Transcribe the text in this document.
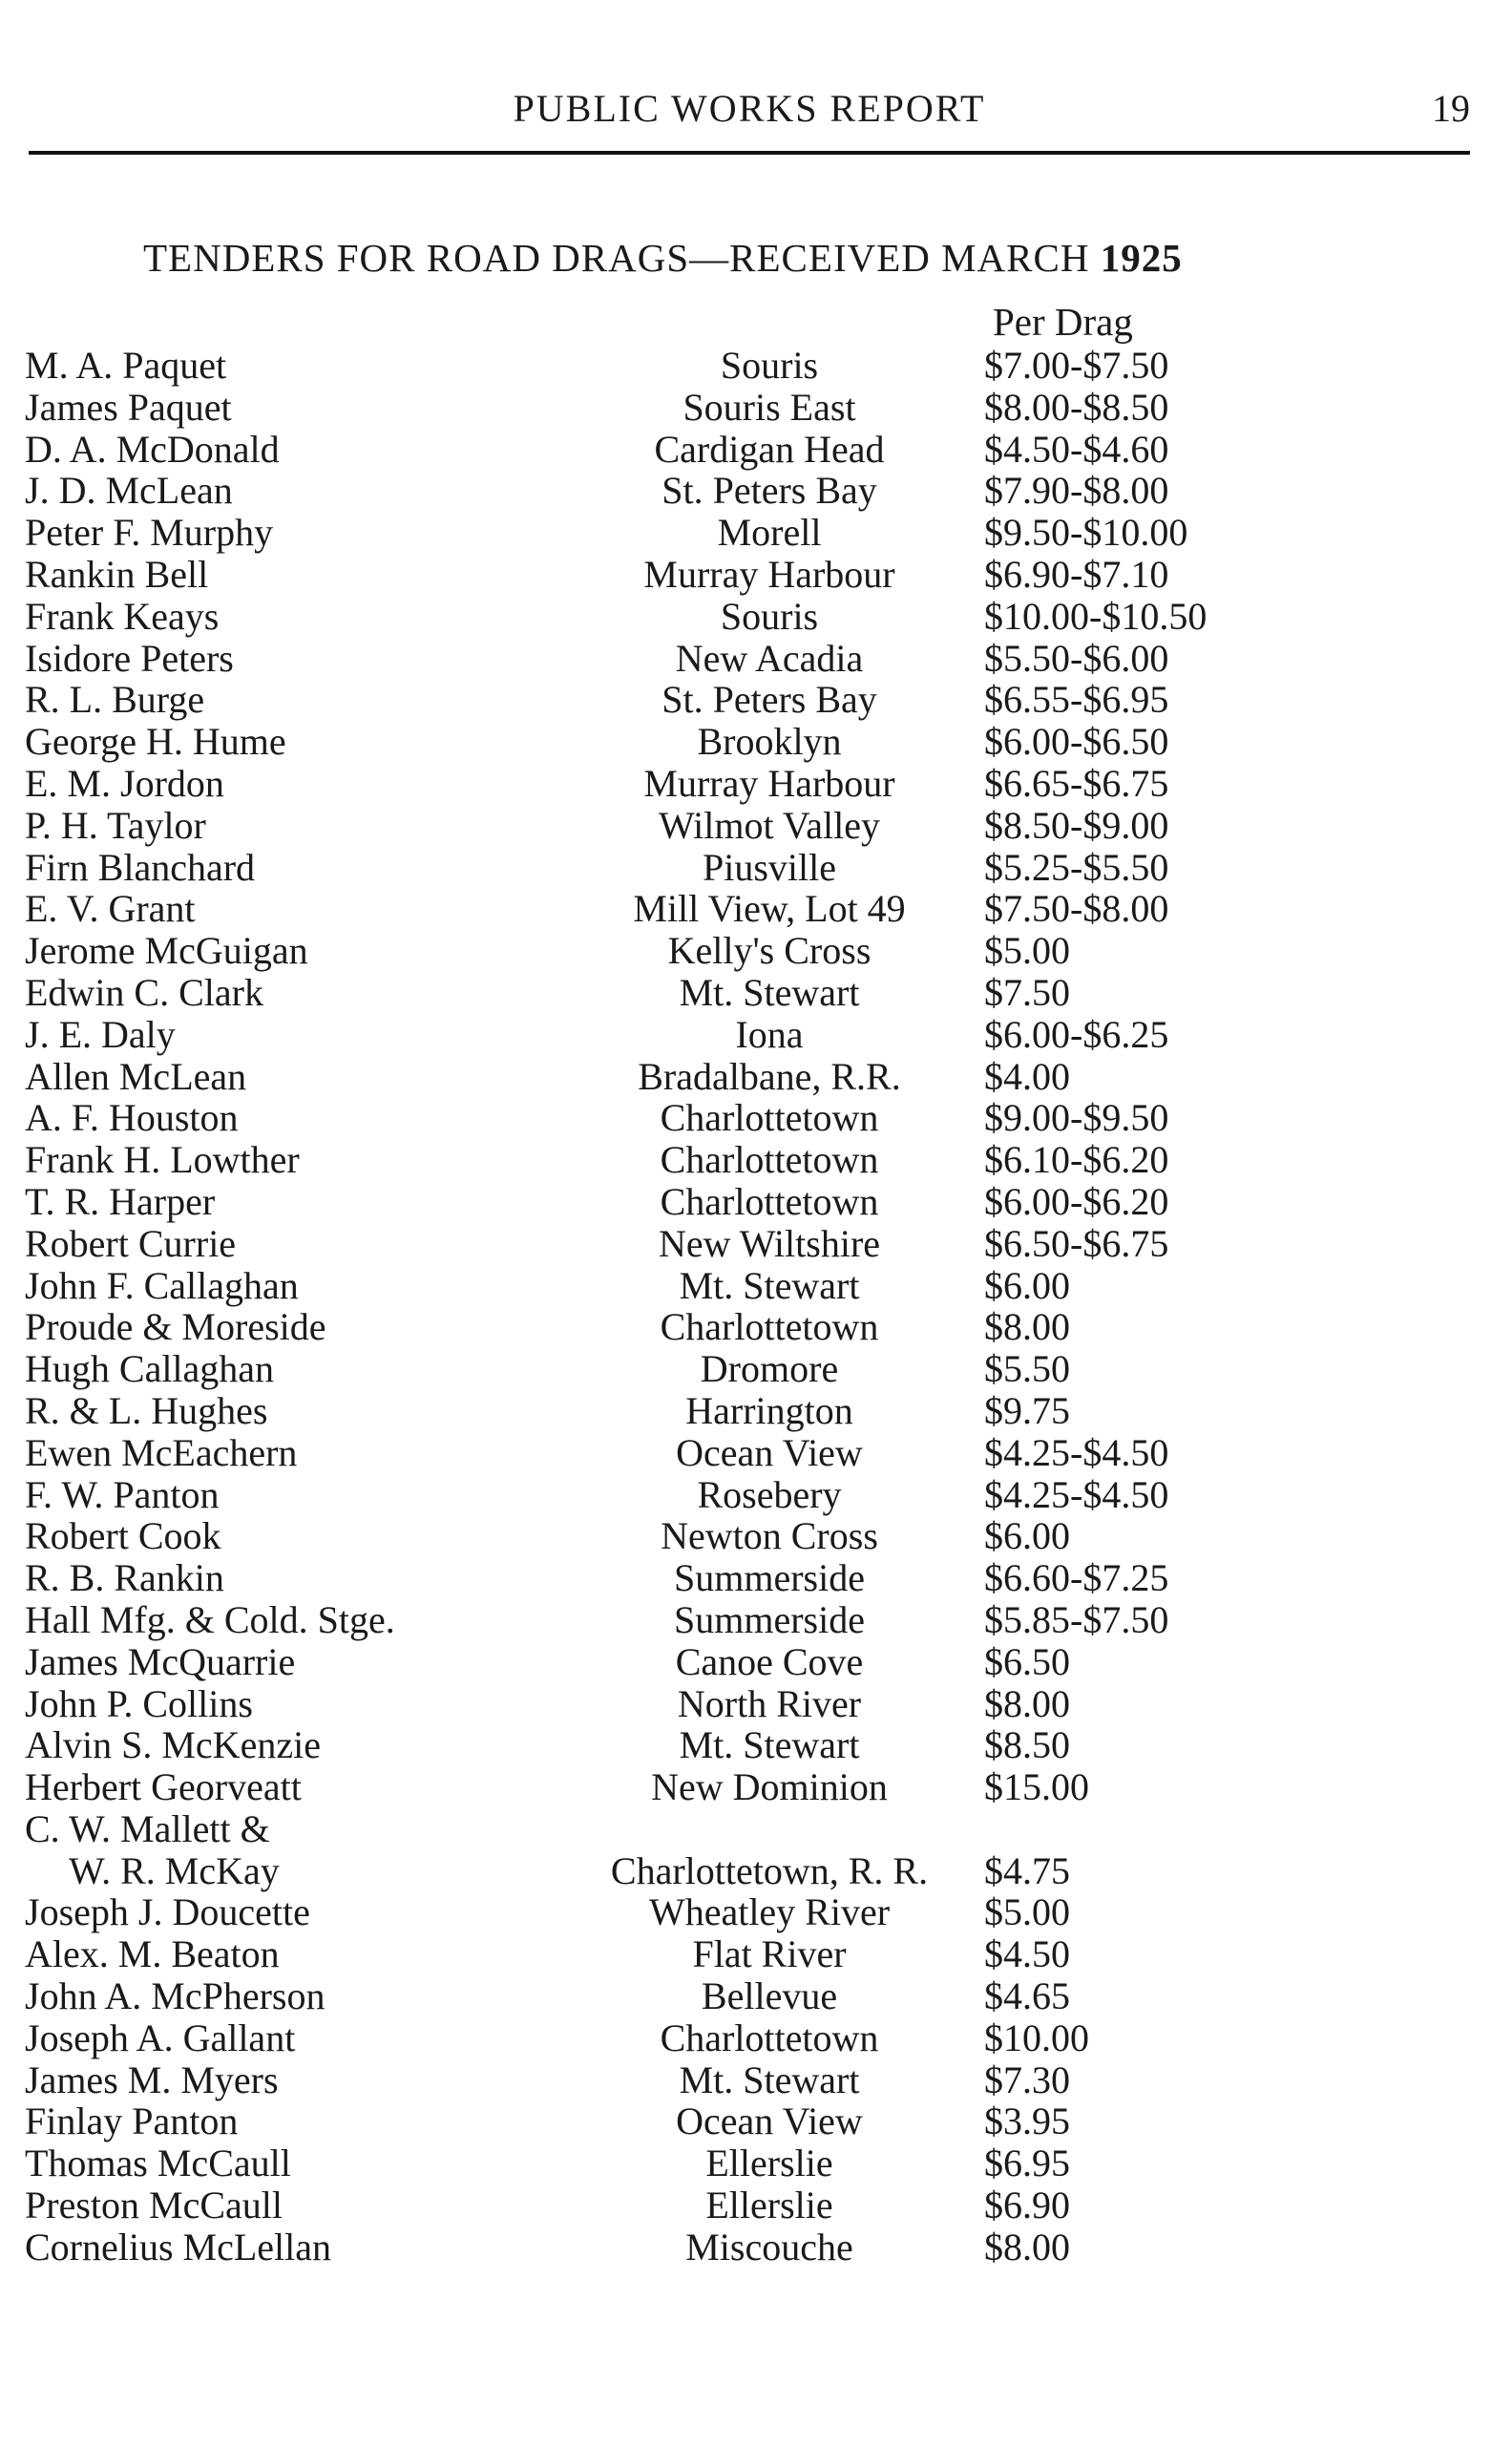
PUBLIC WORKS REPORT	19
TENDERS FOR ROAD DRAGS—RECEIVED MARCH 1925
Per Drag
M. A. Paquet	Souris	$7.00-$7.50
James Paquet	Souris East	$8.00-$8.50
D. A. McDonald	Cardigan Head	$4.50-$4.60
J. D. McLean	St. Peters Bay	$7.90-$8.00
Peter F. Murphy	Morell	$9.50-$10.00
Rankin Bell	Murray Harbour	$6.90-$7.10
Frank Keays	Souris	$10.00-$10.50
Isidore Peters	New Acadia	$5.50-$6.00
R. L. Burge	St. Peters Bay	$6.55-$6.95
George H. Hume	Brooklyn	$6.00-$6.50
E. M. Jordon	Murray Harbour	$6.65-$6.75
P. H. Taylor	Wilmot Valley	$8.50-$9.00
Firn Blanchard	Piusville	$5.25-$5.50
E. V. Grant	Mill View, Lot 49	$7.50-$8.00
Jerome McGuigan	Kelly's Cross	$5.00
Edwin C. Clark	Mt. Stewart	$7.50
J. E. Daly	Iona	$6.00-$6.25
Allen McLean	Bradalbane, R.R.	$4.00
A. F. Houston	Charlottetown	$9.00-$9.50
Frank H. Lowther	Charlottetown	$6.10-$6.20
T. R. Harper	Charlottetown	$6.00-$6.20
Robert Currie	New Wiltshire	$6.50-$6.75
John F. Callaghan	Mt. Stewart	$6.00
Proude & Moreside	Charlottetown	$8.00
Hugh Callaghan	Dromore	$5.50
R. & L. Hughes	Harrington	$9.75
Ewen McEachern	Ocean View	$4.25-$4.50
F. W. Panton	Rosebery	$4.25-$4.50
Robert Cook	Newton Cross	$6.00
R. B. Rankin	Summerside	$6.60-$7.25
Hall Mfg. & Cold. Stge.	Summerside	$5.85-$7.50
James McQuarrie	Canoe Cove	$6.50
John P. Collins	North River	$8.00
Alvin S. McKenzie	Mt. Stewart	$8.50
Herbert Georveatt	New Dominion	$15.00
C. W. Mallett &
W. R. McKay	Charlottetown, R. R.	$4.75
Joseph J. Doucette	Wheatley River	$5.00
Alex. M. Beaton	Flat River	$4.50
John A. McPherson	Bellevue	$4.65
Joseph A. Gallant	Charlottetown	$10.00
James M. Myers	Mt. Stewart	$7.30
Finlay Panton	Ocean View	$3.95
Thomas McCaull	Ellerslie	$6.95
Preston McCaull	Ellerslie	$6.90
Cornelius McLellan	Miscouche	$8.00
